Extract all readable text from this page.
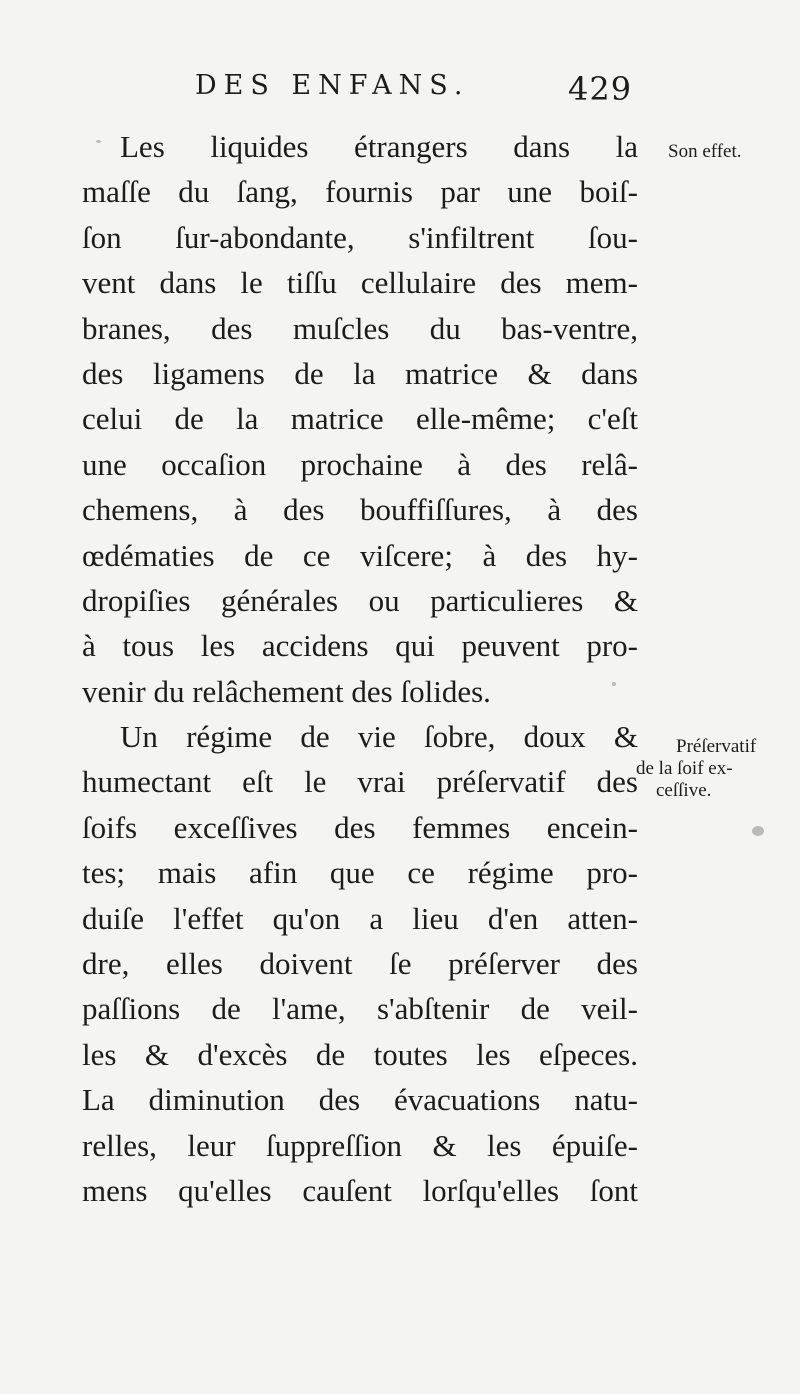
DES ENFANS.	429
Les liquides étrangers dans la
maſſe du ſang, fournis par une boiſ-
ſon ſur-abondante, s'infiltrent ſou-
vent dans le tiſſu cellulaire des mem-
branes, des muſcles du bas-ventre,
des ligamens de la matrice & dans
celui de la matrice elle-même; c'eſt
une occaſion prochaine à des relâ-
chemens, à des bouffiſſures, à des
œdématies de ce viſcere; à des hy-
dropiſies générales ou particulieres &
à tous les accidens qui peuvent pro-
venir du relâchement des ſolides.
Un régime de vie ſobre, doux &
humectant eſt le vrai préſervatif des
ſoifs exceſſives des femmes encein-
tes; mais afin que ce régime pro-
duiſe l'effet qu'on a lieu d'en atten-
dre, elles doivent ſe préſerver des
paſſions de l'ame, s'abſtenir de veil-
les & d'excès de toutes les eſpeces.
La diminution des évacuations natu-
relles, leur ſuppreſſion & les épuiſe-
mens qu'elles cauſent lorſqu'elles ſont
Son effet.
Préſervatif
de la ſoif ex-
ceſſive.
